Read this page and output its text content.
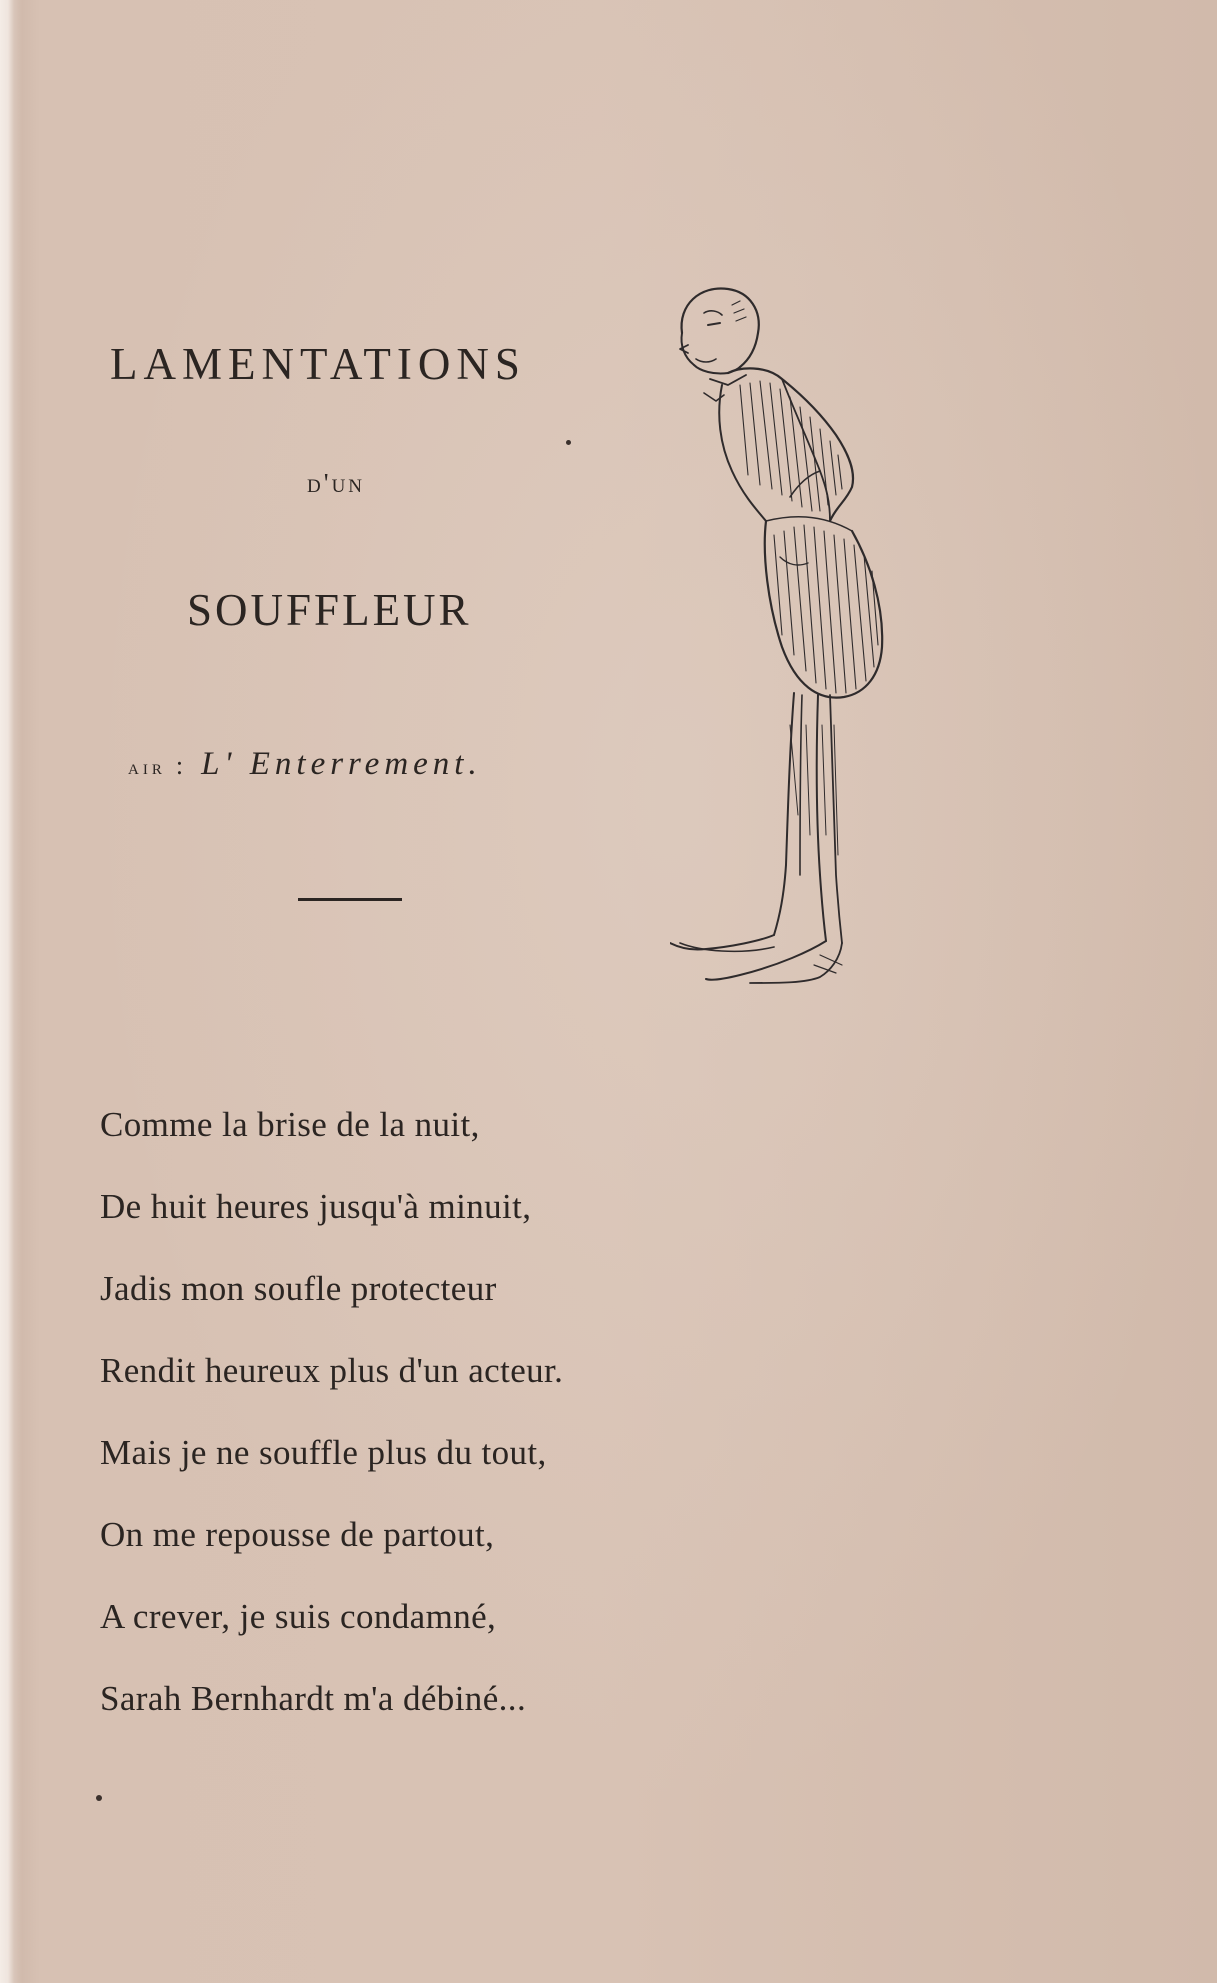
LAMENTATIONS
d'un
SOUFFLEUR
air : L' Enterrement.
Comme la brise de la nuit,
De huit heures jusqu'à minuit,
Jadis mon soufle protecteur
Rendit heureux plus d'un acteur.
Mais je ne souffle plus du tout,
On me repousse de partout,
A crever, je suis condamné,
Sarah Bernhardt m'a débiné...
